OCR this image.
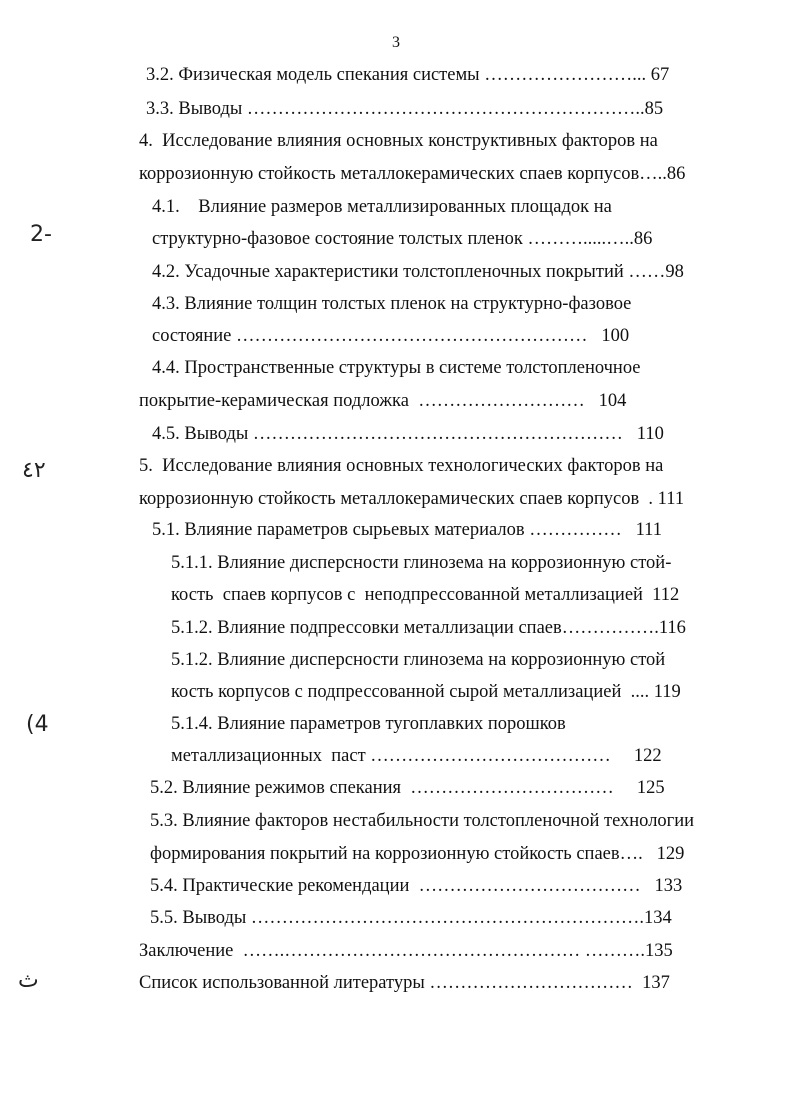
3
3.2. Физическая модель спекания системы ……………………... 67
3.3. Выводы ………………………………………………………..85
4.  Исследование влияния основных конструктивных факторов на
коррозионную стойкость металлокерамических спаев корпусов…..86
4.1.    Влияние размеров металлизированных площадок на
структурно-фазовое состояние толстых пленок ……….....…..86
4.2. Усадочные характеристики толстопленочных покрытий ……98
4.3. Влияние толщин толстых пленок на структурно-фазовое
состояние …………………………………………………   100
4.4. Пространственные структуры в системе толстопленочное
покрытие-керамическая подложка  ………………………   104
4.5. Выводы ……………………………………………………   110
5.  Исследование влияния основных технологических факторов на
коррозионную стойкость металлокерамических спаев корпусов  . 111
5.1. Влияние параметров сырьевых материалов ……………   111
5.1.1. Влияние дисперсности глинозема на коррозионную стой-
кость  спаев корпусов с  неподпрессованной металлизацией  112
5.1.2. Влияние подпрессовки металлизации спаев…………….116
5.1.2. Влияние дисперсности глинозема на коррозионную стой
кость корпусов с подпрессованной сырой металлизацией  .... 119
5.1.4. Влияние параметров тугоплавких порошков
металлизационных  паст …………………………………     122
5.2. Влияние режимов спекания  ……………………………     125
5.3. Влияние факторов нестабильности толстопленочной технологии
формирования покрытий на коррозионную стойкость спаев….   129
5.4. Практические рекомендации  ………………………………   133
5.5. Выводы ……………………………………………………….134
Заключение  …….………………………………………… ……….135
Список использованной литературы ……………………………  137
2-
٤٢
(4
ث
